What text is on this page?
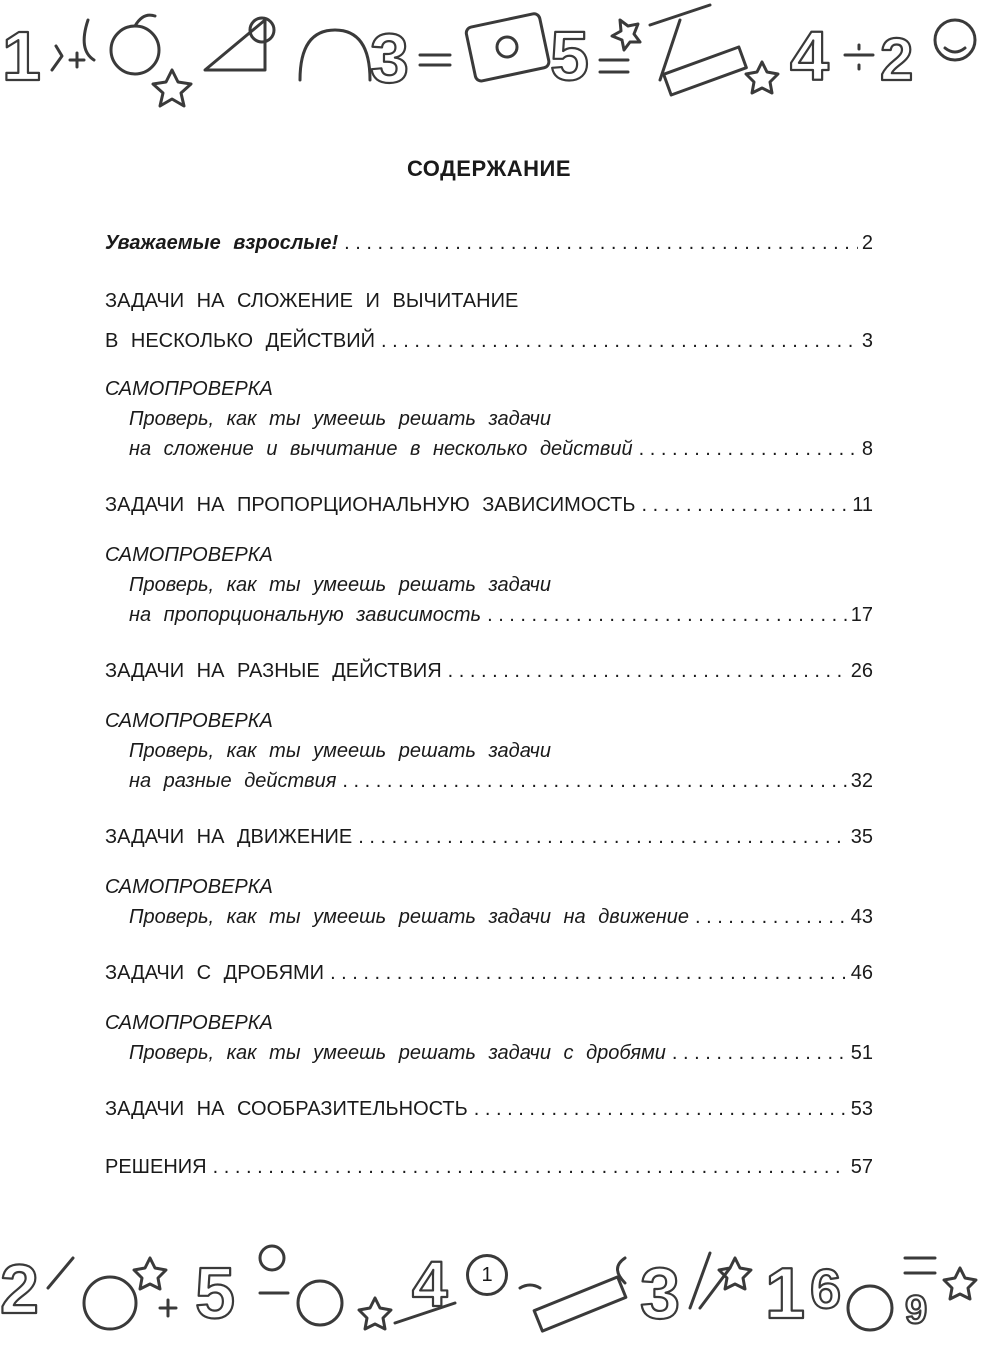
1	3 5	4 2
СОДЕРЖАНИЕ
Уважаемые взрослые! . . .	2
ЗАДАЧИ НА СЛОЖЕНИЕ И ВЫЧИТАНИЕ
В НЕСКОЛЬКО ДЕЙСТВИЙ . . .	3
САМОПРОВЕРКА
Проверь, как ты умеешь решать задачи
на сложение и вычитание в несколько действий . . .	8
ЗАДАЧИ НА ПРОПОРЦИОНАЛЬНУЮ ЗАВИСИМОСТЬ . . .	11
САМОПРОВЕРКА
Проверь, как ты умеешь решать задачи
на пропорциональную зависимость . . .	17
ЗАДАЧИ НА РАЗНЫЕ ДЕЙСТВИЯ . . .	26
САМОПРОВЕРКА
Проверь, как ты умеешь решать задачи
на разные действия . . .	32
ЗАДАЧИ НА ДВИЖЕНИЕ . . .	35
САМОПРОВЕРКА
Проверь, как ты умеешь решать задачи на движение . . .	43
ЗАДАЧИ С ДРОБЯМИ . . .	46
САМОПРОВЕРКА
Проверь, как ты умеешь решать задачи с дробями . . .	51
ЗАДАЧИ НА СООБРАЗИТЕЛЬНОСТЬ . . .	53
РЕШЕНИЯ . . .	57
2 5	4	3 1 6 9
1
